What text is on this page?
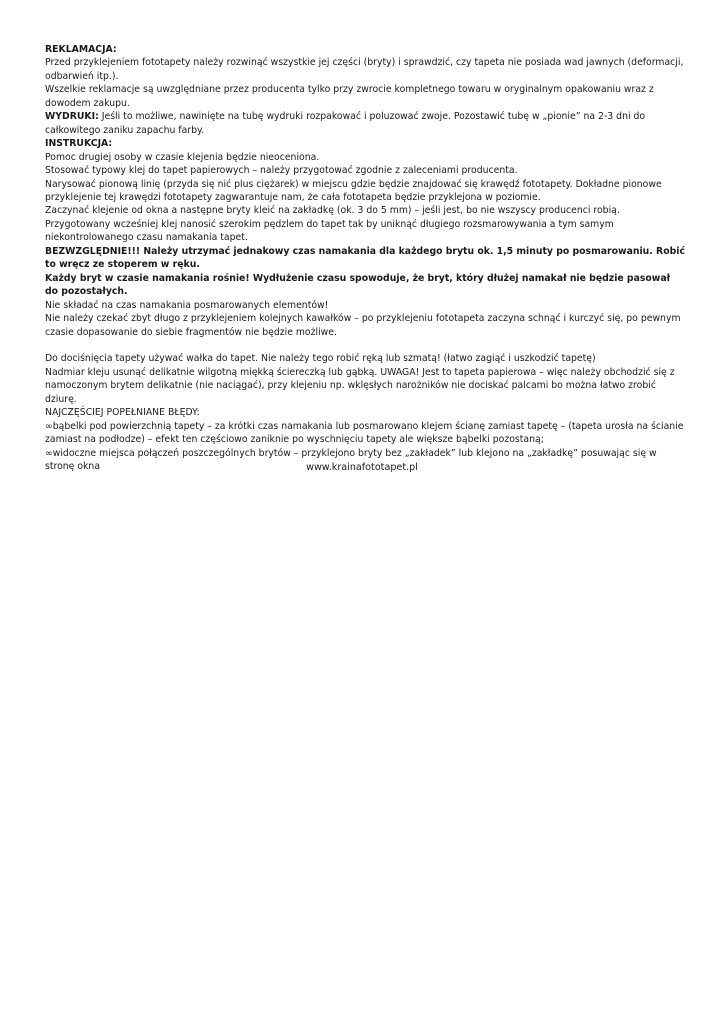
REKLAMACJA:

Przed przyklejeniem fototapety należy rozwinąć wszystkie jej części (bryty) i sprawdzić, czy tapeta nie posiada wad jawnych (deformacji, odbarwień itp.).

Wszelkie reklamacje są uwzględniane przez producenta tylko przy zwrocie kompletnego towaru w oryginalnym opakowaniu wraz z dowodem zakupu.

WYDRUKI: Jeśli to możliwe, nawinięte na tubę wydruki rozpakować i poluzować zwoje. Pozostawić tubę w „pionie” na 2-3 dni do całkowitego zaniku zapachu farby.

INSTRUKCJA:

Pomoc drugiej osoby w czasie klejenia będzie nieoceniona.

Stosować typowy klej do tapet papierowych – należy przygotować zgodnie z zaleceniami producenta.

Narysować pionową linię (przyda się nić plus ciężarek) w miejscu gdzie będzie znajdować się krawędź fototapety. Dokładne pionowe przyklejenie tej krawędzi fototapety zagwarantuje nam, że cała fototapeta będzie przyklejona w poziomie.

Zaczynać klejenie od okna a następne bryty kleić na zakładkę (ok. 3 do 5 mm) – jeśli jest, bo nie wszyscy producenci robią.

Przygotowany wcześniej klej nanosić szerokim pędzlem do tapet tak by uniknąć długiego rozsmarowywania a tym samym niekontrolowanego czasu namakania tapet.

BEZWZGLĘDNIE!!! Należy utrzymać jednakowy czas namakania dla każdego brytu ok. 1,5 minuty po posmarowaniu. Robić to wręcz ze stoperem w ręku.

Każdy bryt w czasie namakania rośnie! Wydłużenie czasu spowoduje, że bryt, który dłużej namakał nie będzie pasował do pozostałych.

Nie składać na czas namakania posmarowanych elementów!

Nie należy czekać zbyt długo z przyklejeniem kolejnych kawałków – po przyklejeniu fototapeta zaczyna schnąć i kurczyć się, po pewnym czasie dopasowanie do siebie fragmentów nie będzie możliwe.

Do dociśnięcia tapety używać wałka do tapet. Nie należy tego robić ręką lub szmatą! (łatwo zagiąć i uszkodzić tapetę)

Nadmiar kleju usunąć delikatnie wilgotną miękką ściereczką lub gąbką. UWAGA! Jest to tapeta papierowa – więc należy obchodzić się z namoczonym brytem delikatnie (nie naciągać), przy klejeniu np. wklęsłych narożników nie dociskać palcami bo można łatwo zrobić dziurę.

NAJCZĘŚCIEJ POPEŁNIANE BŁĘDY:

∞bąbelki pod powierzchnią tapety – za krótki czas namakania lub posmarowano klejem ścianę zamiast tapetę – (tapeta urosła na ścianie zamiast na podłodze) – efekt ten częściowo zaniknie po wyschnięciu tapety ale większe bąbelki pozostaną;

∞widoczne miejsca połączeń poszczególnych brytów – przyklejono bryty bez „zakładek” lub klejono na „zakładkę” posuwając się w stronę okna	www.krainafototapet.pl
